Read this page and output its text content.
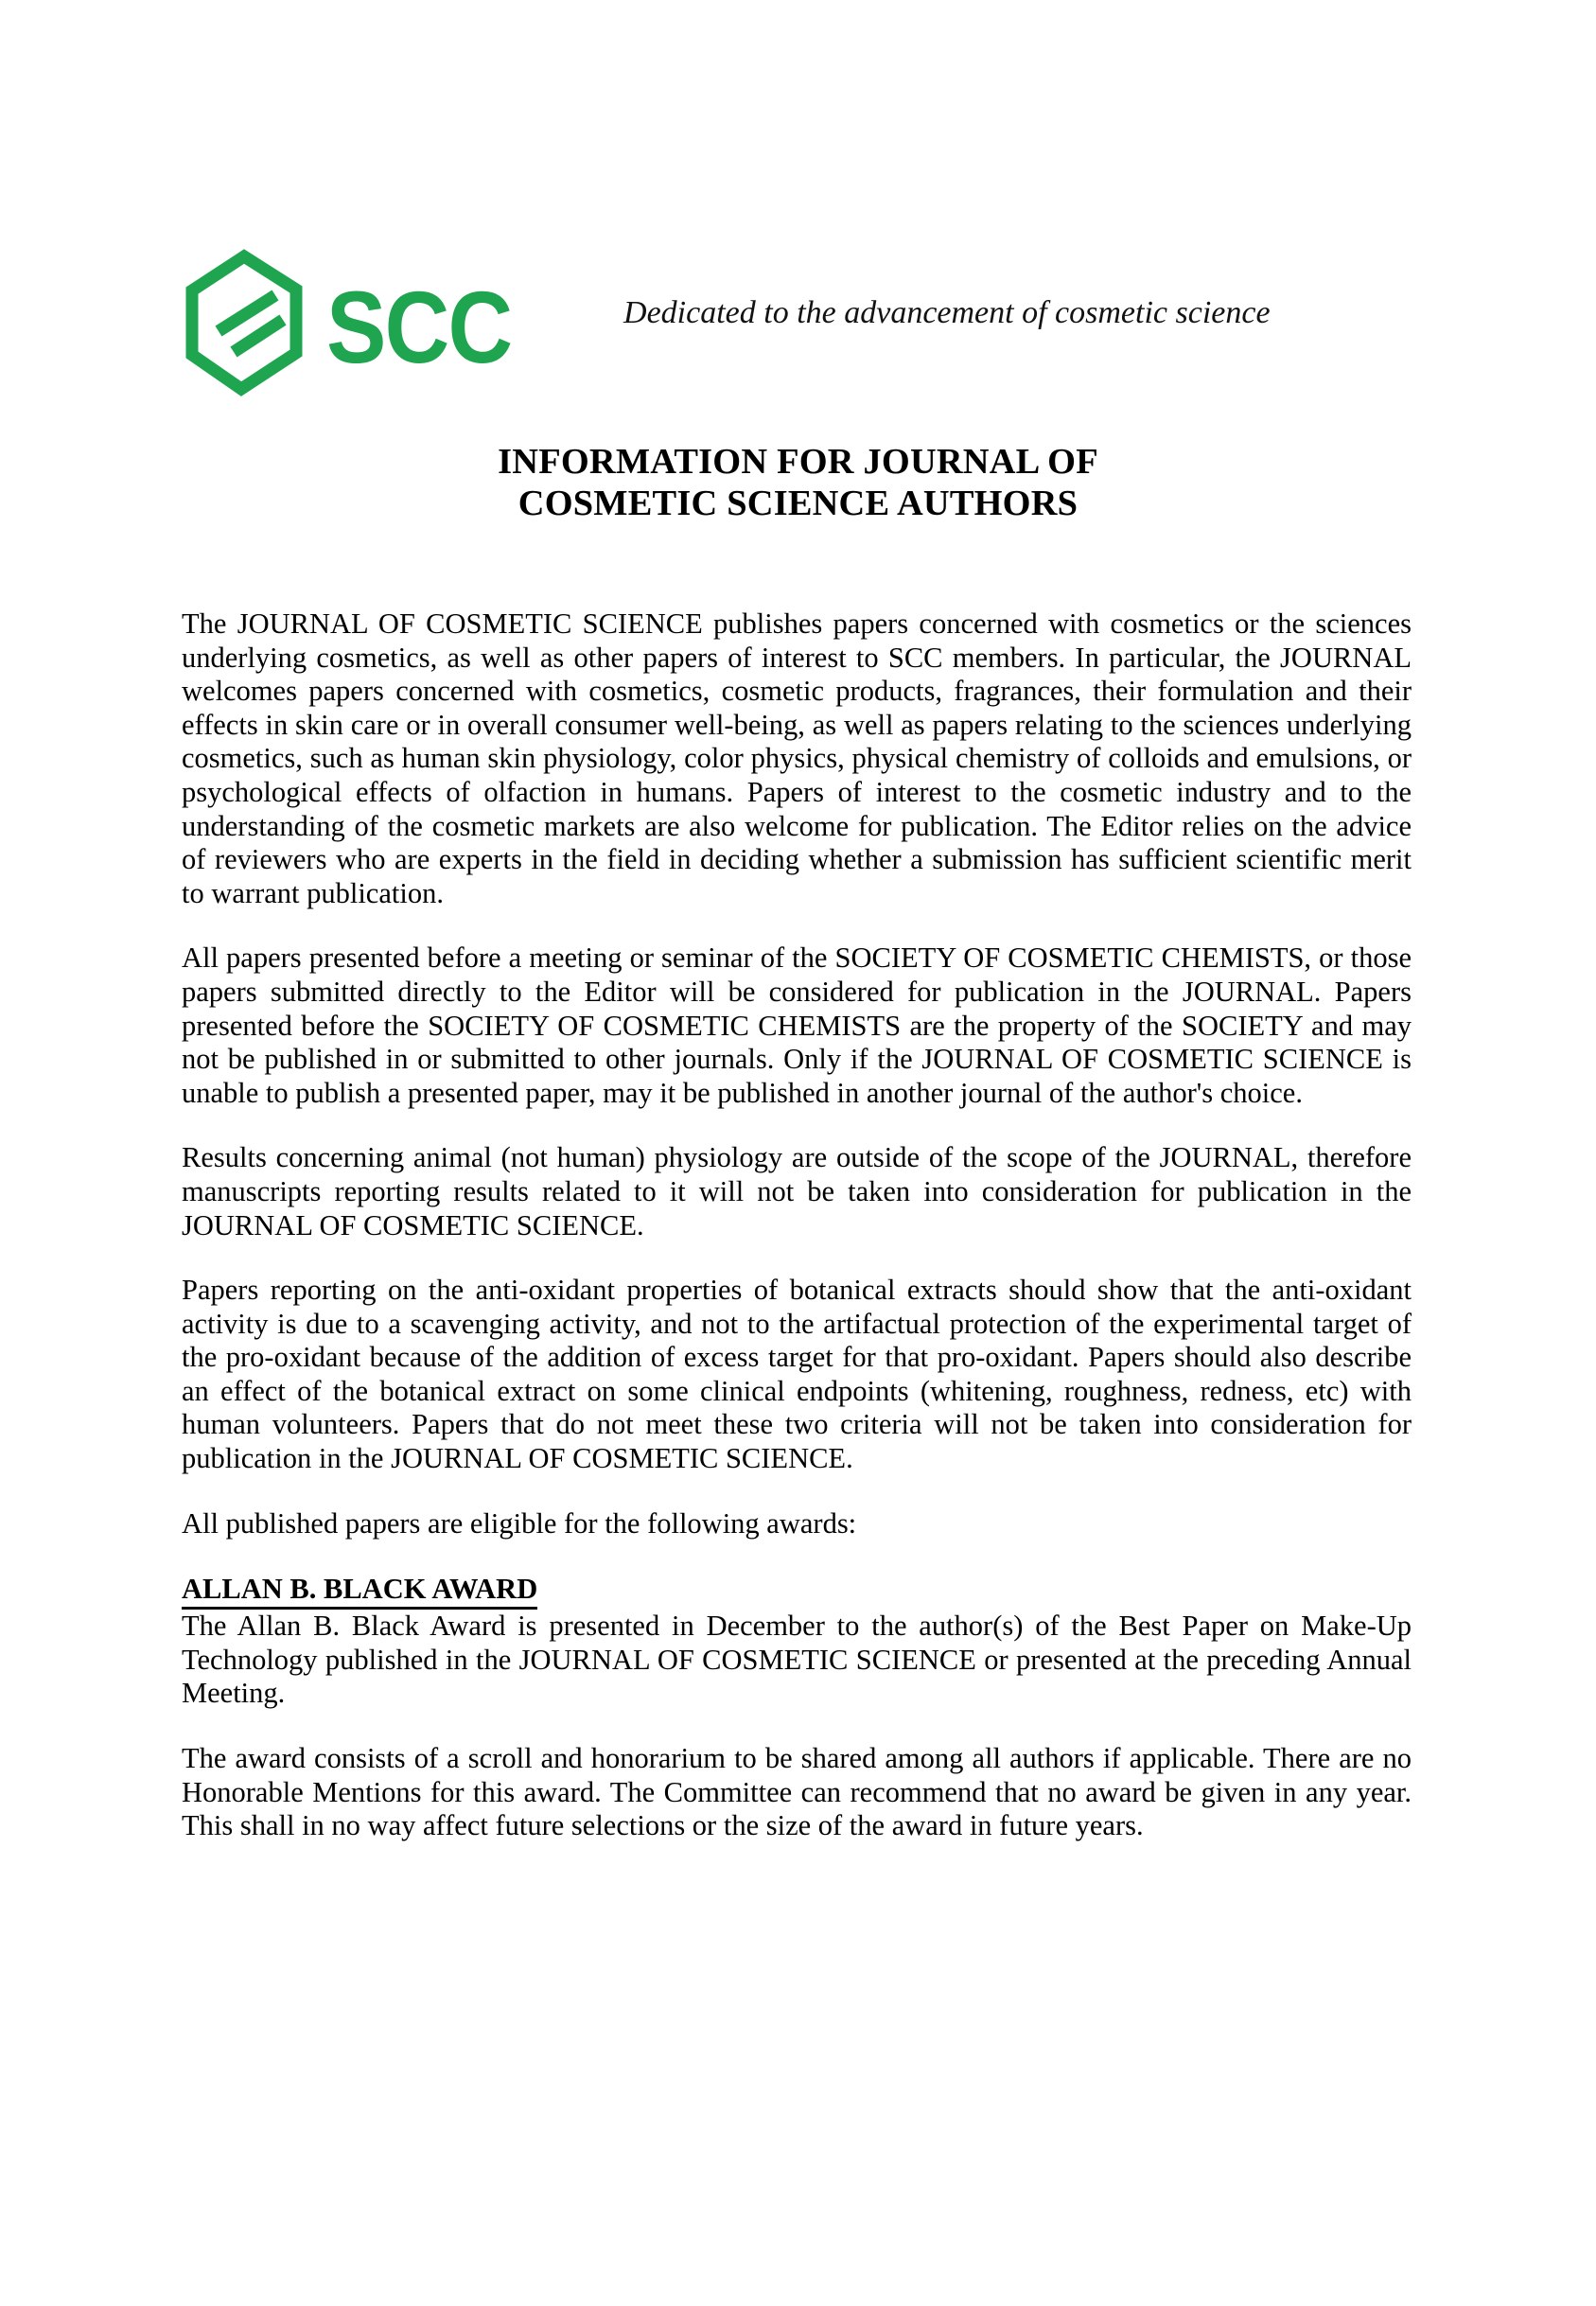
SCC	Dedicated to the advancement of cosmetic science
INFORMATION FOR JOURNAL OF
COSMETIC SCIENCE AUTHORS

The JOURNAL OF COSMETIC SCIENCE publishes papers concerned with cosmetics or the sciences underlying cosmetics, as well as other papers of interest to SCC members. In particular, the JOURNAL welcomes papers concerned with cosmetics, cosmetic products, fragrances, their formulation and their effects in skin care or in overall consumer well-being, as well as papers relating to the sciences underlying cosmetics, such as human skin physiology, color physics, physical chemistry of colloids and emulsions, or psychological effects of olfaction in humans. Papers of interest to the cosmetic industry and to the understanding of the cosmetic markets are also welcome for publication. The Editor relies on the advice of reviewers who are experts in the field in deciding whether a submission has sufficient scientific merit to warrant publication.

All papers presented before a meeting or seminar of the SOCIETY OF COSMETIC CHEMISTS, or those papers submitted directly to the Editor will be considered for publication in the JOURNAL. Papers presented before the SOCIETY OF COSMETIC CHEMISTS are the property of the SOCIETY and may not be published in or submitted to other journals. Only if the JOURNAL OF COSMETIC SCIENCE is unable to publish a presented paper, may it be published in another journal of the author's choice.

Results concerning animal (not human) physiology are outside of the scope of the JOURNAL, therefore manuscripts reporting results related to it will not be taken into consideration for publication in the JOURNAL OF COSMETIC SCIENCE.

Papers reporting on the anti-oxidant properties of botanical extracts should show that the anti-oxidant activity is due to a scavenging activity, and not to the artifactual protection of the experimental target of the pro-oxidant because of the addition of excess target for that pro-oxidant. Papers should also describe an effect of the botanical extract on some clinical endpoints (whitening, roughness, redness, etc) with human volunteers. Papers that do not meet these two criteria will not be taken into consideration for publication in the JOURNAL OF COSMETIC SCIENCE.

All published papers are eligible for the following awards:

ALLAN B. BLACK AWARD

The Allan B. Black Award is presented in December to the author(s) of the Best Paper on Make-Up Technology published in the JOURNAL OF COSMETIC SCIENCE or presented at the preceding Annual Meeting.

The award consists of a scroll and honorarium to be shared among all authors if applicable. There are no Honorable Mentions for this award. The Committee can recommend that no award be given in any year. This shall in no way affect future selections or the size of the award in future years.
